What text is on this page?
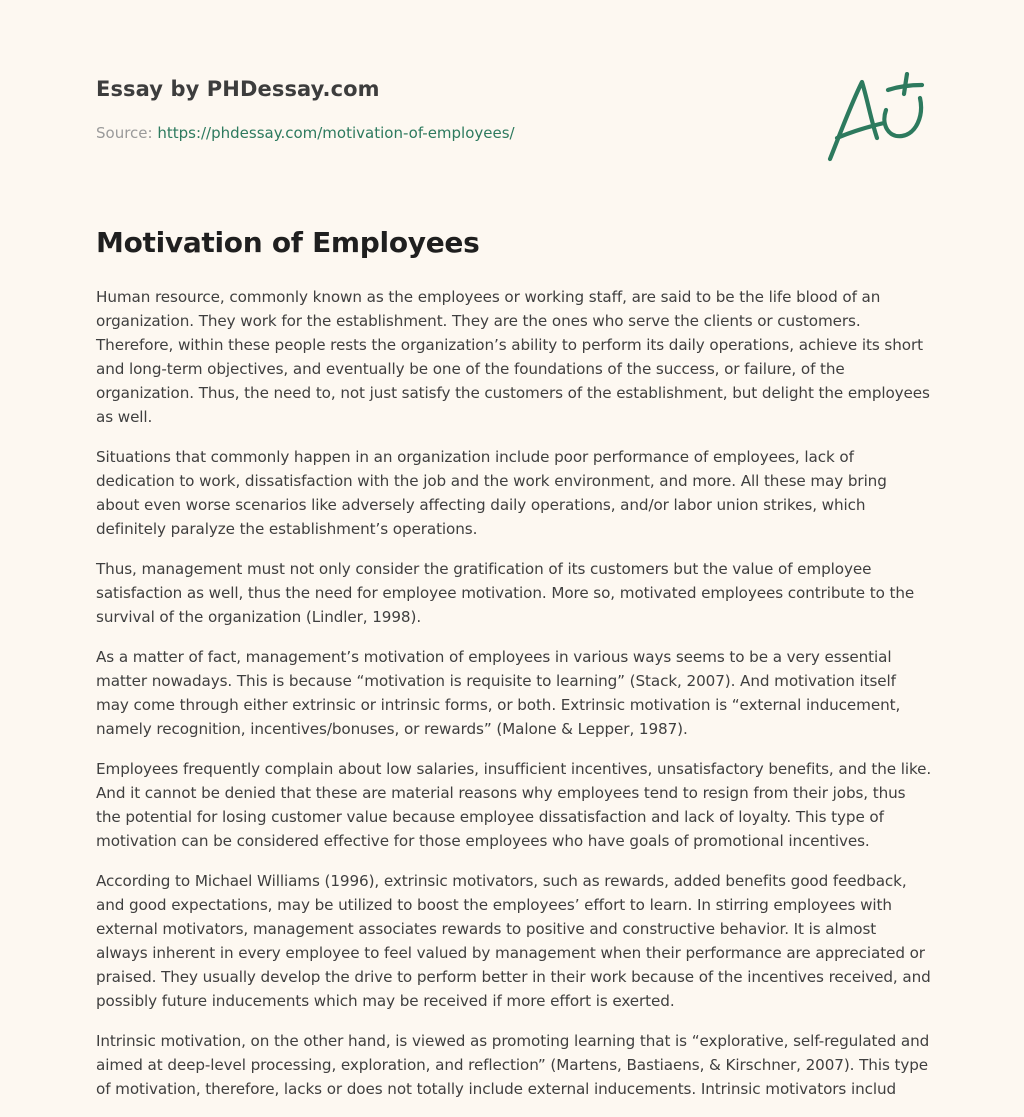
Essay by PHDessay.com
Source: https://phdessay.com/motivation-of-employees/
Motivation of Employees

Human resource, commonly known as the employees or working staff, are said to be the life blood of an organization. They work for the establishment. They are the ones who serve the clients or customers. Therefore, within these people rests the organization’s ability to perform its daily operations, achieve its short and long-term objectives, and eventually be one of the foundations of the success, or failure, of the organization. Thus, the need to, not just satisfy the customers of the establishment, but delight the employees as well.

Situations that commonly happen in an organization include poor performance of employees, lack of dedication to work, dissatisfaction with the job and the work environment, and more. All these may bring about even worse scenarios like adversely affecting daily operations, and/or labor union strikes, which definitely paralyze the establishment’s operations.

Thus, management must not only consider the gratification of its customers but the value of employee satisfaction as well, thus the need for employee motivation. More so, motivated employees contribute to the survival of the organization (Lindler, 1998).

As a matter of fact, management’s motivation of employees in various ways seems to be a very essential matter nowadays. This is because “motivation is requisite to learning” (Stack, 2007). And motivation itself may come through either extrinsic or intrinsic forms, or both. Extrinsic motivation is “external inducement, namely recognition, incentives/bonuses, or rewards” (Malone & Lepper, 1987).

Employees frequently complain about low salaries, insufficient incentives, unsatisfactory benefits, and the like. And it cannot be denied that these are material reasons why employees tend to resign from their jobs, thus the potential for losing customer value because employee dissatisfaction and lack of loyalty. This type of motivation can be considered effective for those employees who have goals of promotional incentives.

According to Michael Williams (1996), extrinsic motivators, such as rewards, added benefits good feedback, and good expectations, may be utilized to boost the employees’ effort to learn. In stirring employees with external motivators, management associates rewards to positive and constructive behavior. It is almost always inherent in every employee to feel valued by management when their performance are appreciated or praised. They usually develop the drive to perform better in their work because of the incentives received, and possibly future inducements which may be received if more effort is exerted.

Intrinsic motivation, on the other hand, is viewed as promoting learning that is “explorative, self-regulated and aimed at deep-level processing, exploration, and reflection” (Martens, Bastiaens, & Kirschner, 2007). This type of motivation, therefore, lacks or does not totally include external inducements. Intrinsic motivators includ
